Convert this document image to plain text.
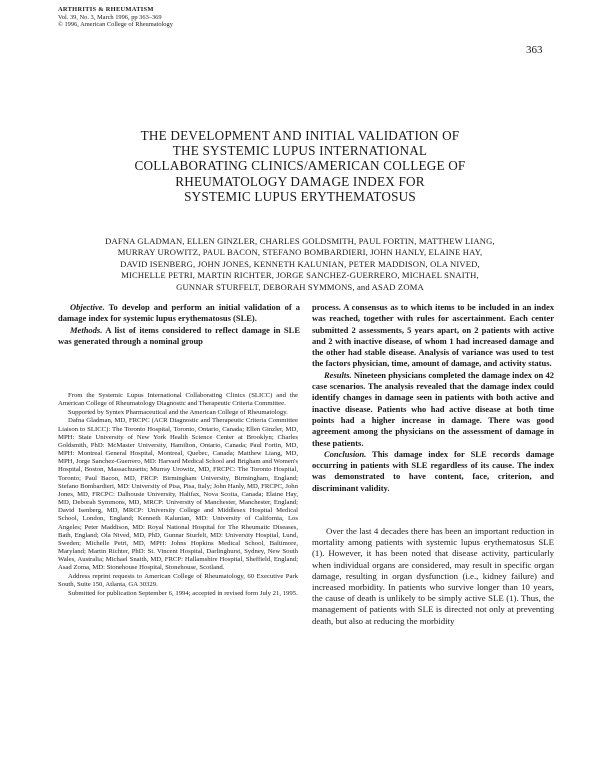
ARTHRITIS & RHEUMATISM
Vol. 39, No. 3, March 1996, pp 363–369
© 1996, American College of Rheumatology
363
THE DEVELOPMENT AND INITIAL VALIDATION OF
THE SYSTEMIC LUPUS INTERNATIONAL
COLLABORATING CLINICS/AMERICAN COLLEGE OF
RHEUMATOLOGY DAMAGE INDEX FOR
SYSTEMIC LUPUS ERYTHEMATOSUS
DAFNA GLADMAN, ELLEN GINZLER, CHARLES GOLDSMITH, PAUL FORTIN, MATTHEW LIANG,
MURRAY UROWITZ, PAUL BACON, STEFANO BOMBARDIERI, JOHN HANLY, ELAINE HAY,
DAVID ISENBERG, JOHN JONES, KENNETH KALUNIAN, PETER MADDISON, OLA NIVED,
MICHELLE PETRI, MARTIN RICHTER, JORGE SANCHEZ-GUERRERO, MICHAEL SNAITH,
GUNNAR STURFELT, DEBORAH SYMMONS, and ASAD ZOMA

Objective. To develop and perform an initial validation of a damage index for systemic lupus erythematosus (SLE).

Methods. A list of items considered to reflect damage in SLE was generated through a nominal group

From the Systemic Lupus International Collaborating Clinics (SLICC) and the American College of Rheumatology Diagnostic and Therapeutic Criteria Committee.

Supported by Syntex Pharmaceutical and the American College of Rheumatology.

Dafna Gladman, MD, FRCPC (ACR Diagnostic and Therapeutic Criteria Committee Liaison to SLICC): The Toronto Hospital, Toronto, Ontario, Canada; Ellen Ginzler, MD, MPH: State University of New York Health Science Center at Brooklyn; Charles Goldsmith, PhD: McMaster University, Hamilton, Ontario, Canada; Paul Fortin, MD, MPH: Montreal General Hospital, Montreal, Quebec, Canada; Matthew Liang, MD, MPH, Jorge Sanchez-Guerrero, MD: Harvard Medical School and Brigham and Women's Hospital, Boston, Massachusetts; Murray Urowitz, MD, FRCPC: The Toronto Hospital, Toronto; Paul Bacon, MD, FRCP: Birmingham University, Birmingham, England; Stefano Bombardieri, MD: University of Pisa, Pisa, Italy; John Hanly, MD, FRCPC, John Jones, MD, FRCPC: Dalhousie University, Halifax, Nova Scotia, Canada; Elaine Hay, MD, Deborah Symmons, MD, MRCP: University of Manchester, Manchester, England; David Isenberg, MD, MRCP: University College and Middlesex Hospital Medical School, London, England; Kenneth Kalunian, MD: University of California, Los Angeles; Peter Maddison, MD: Royal National Hospital for The Rheumatic Diseases, Bath, England; Ola Nived, MD, PhD, Gunnar Sturfelt, MD: University Hospital, Lund, Sweden; Michelle Petri, MD, MPH: Johns Hopkins Medical School, Baltimore, Maryland; Martin Richter, PhD: St. Vincent Hospital, Darlinghurst, Sydney, New South Wales, Australia; Michael Snaith, MD, FRCP: Hallamshire Hospital, Sheffield, England; Asad Zoma, MD: Stonehouse Hospital, Stonehouse, Scotland.

Address reprint requests to American College of Rheumatology, 60 Executive Park South, Suite 150, Atlanta, GA 30329.

Submitted for publication September 6, 1994; accepted in revised form July 21, 1995.

process. A consensus as to which items to be included in an index was reached, together with rules for ascertainment. Each center submitted 2 assessments, 5 years apart, on 2 patients with active and 2 with inactive disease, of whom 1 had increased damage and the other had stable disease. Analysis of variance was used to test the factors physician, time, amount of damage, and activity status.

Results. Nineteen physicians completed the damage index on 42 case scenarios. The analysis revealed that the damage index could identify changes in damage seen in patients with both active and inactive disease. Patients who had active disease at both time points had a higher increase in damage. There was good agreement among the physicians on the assessment of damage in these patients.

Conclusion. This damage index for SLE records damage occurring in patients with SLE regardless of its cause. The index was demonstrated to have content, face, criterion, and discriminant validity.

Over the last 4 decades there has been an important reduction in mortality among patients with systemic lupus erythematosus SLE (1). However, it has been noted that disease activity, particularly when individual organs are considered, may result in specific organ damage, resulting in organ dysfunction (i.e., kidney failure) and increased morbidity. In patients who survive longer than 10 years, the cause of death is unlikely to be simply active SLE (1). Thus, the management of patients with SLE is directed not only at preventing death, but also at reducing the morbidity
